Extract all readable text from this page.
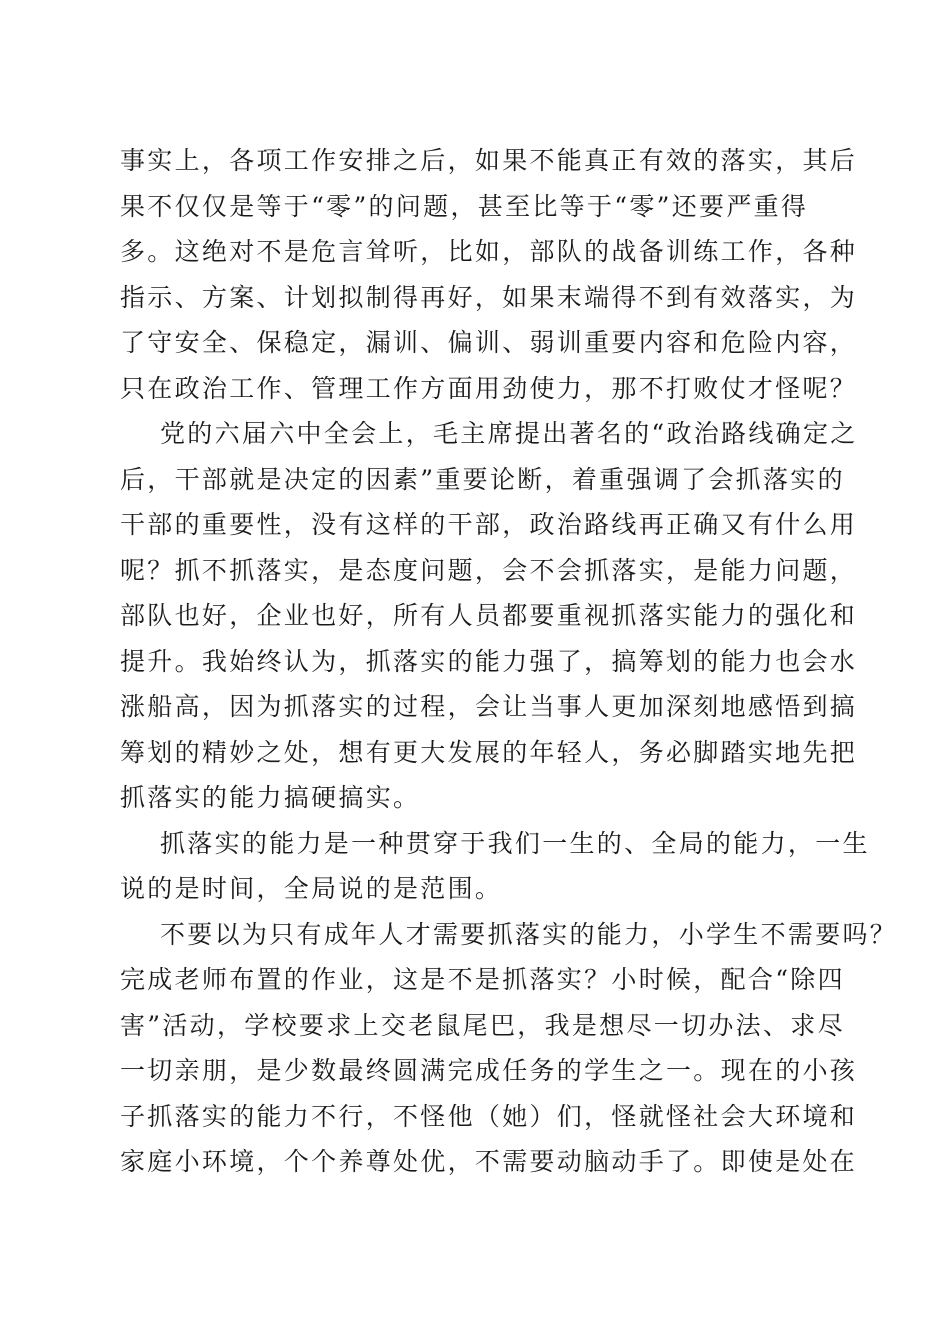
事实上，各项工作安排之后，如果不能真正有效的落实，其后
果不仅仅是等于“零”的问题，甚至比等于“零”还要严重得
多。这绝对不是危言耸听，比如，部队的战备训练工作，各种
指示、方案、计划拟制得再好，如果末端得不到有效落实，为
了守安全、保稳定，漏训、偏训、弱训重要内容和危险内容，
只在政治工作、管理工作方面用劲使力，那不打败仗才怪呢？
党的六届六中全会上，毛主席提出著名的“政治路线确定之
后，干部就是决定的因素”重要论断，着重强调了会抓落实的
干部的重要性，没有这样的干部，政治路线再正确又有什么用
呢？抓不抓落实，是态度问题，会不会抓落实，是能力问题，
部队也好，企业也好，所有人员都要重视抓落实能力的强化和
提升。我始终认为，抓落实的能力强了，搞筹划的能力也会水
涨船高，因为抓落实的过程，会让当事人更加深刻地感悟到搞
筹划的精妙之处，想有更大发展的年轻人，务必脚踏实地先把
抓落实的能力搞硬搞实。
抓落实的能力是一种贯穿于我们一生的、全局的能力，一生
说的是时间，全局说的是范围。
不要以为只有成年人才需要抓落实的能力，小学生不需要吗？
完成老师布置的作业，这是不是抓落实？小时候，配合“除四
害”活动，学校要求上交老鼠尾巴，我是想尽一切办法、求尽
一切亲朋，是少数最终圆满完成任务的学生之一。现在的小孩
子抓落实的能力不行，不怪他（她）们，怪就怪社会大环境和
家庭小环境，个个养尊处优，不需要动脑动手了。即使是处在
